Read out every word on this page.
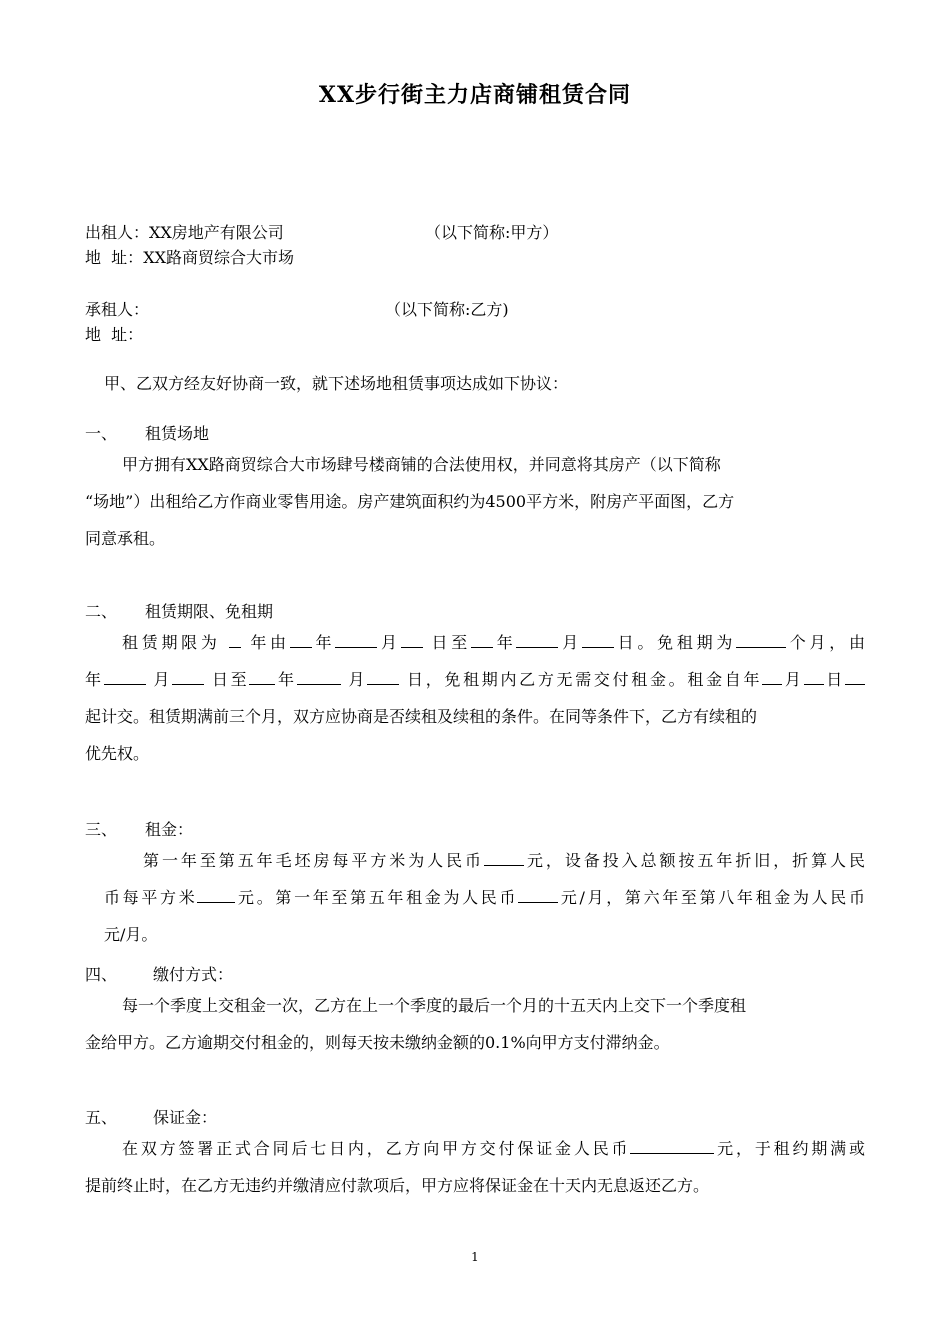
XX步行街主力店商铺租赁合同
出租人：XX房地产有限公司	（以下简称:甲方）
地  址：XX路商贸综合大市场
承租人：	（以下简称:乙方)
地  址：
甲、乙双方经友好协商一致，就下述场地租赁事项达成如下协议：
一、 租赁场地
甲方拥有XX路商贸综合大市场肆号楼商铺的合法使用权，并同意将其房产（以下简称
“场地”）出租给乙方作商业零售用途。房产建筑面积约为4500平方米，附房产平面图，乙方
同意承租。
二、 租赁期限、免租期
租赁期限为 年由 年	月 日至 年	月 日。免租期为	个月，由
年	月 日至 年	月 日，免租期内乙方无需交付租金。租金自年 月 日
起计交。租赁期满前三个月，双方应协商是否续租及续租的条件。在同等条件下，乙方有续租的
优先权。
三、 租金：
第一年至第五年毛坯房每平方米为人民币	元，设备投入总额按五年折旧，折算人民
币每平方米 元。第一年至第五年租金为人民币	元/月，第六年至第八年租金为人民币
元/月。
四、 缴付方式：
每一个季度上交租金一次，乙方在上一个季度的最后一个月的十五天内上交下一个季度租
金给甲方。乙方逾期交付租金的，则每天按未缴纳金额的0.1%向甲方支付滞纳金。
五、 保证金：
在双方签署正式合同后七日内，乙方向甲方交付保证金人民币	元，于租约期满或
提前终止时，在乙方无违约并缴清应付款项后，甲方应将保证金在十天内无息返还乙方。
1
